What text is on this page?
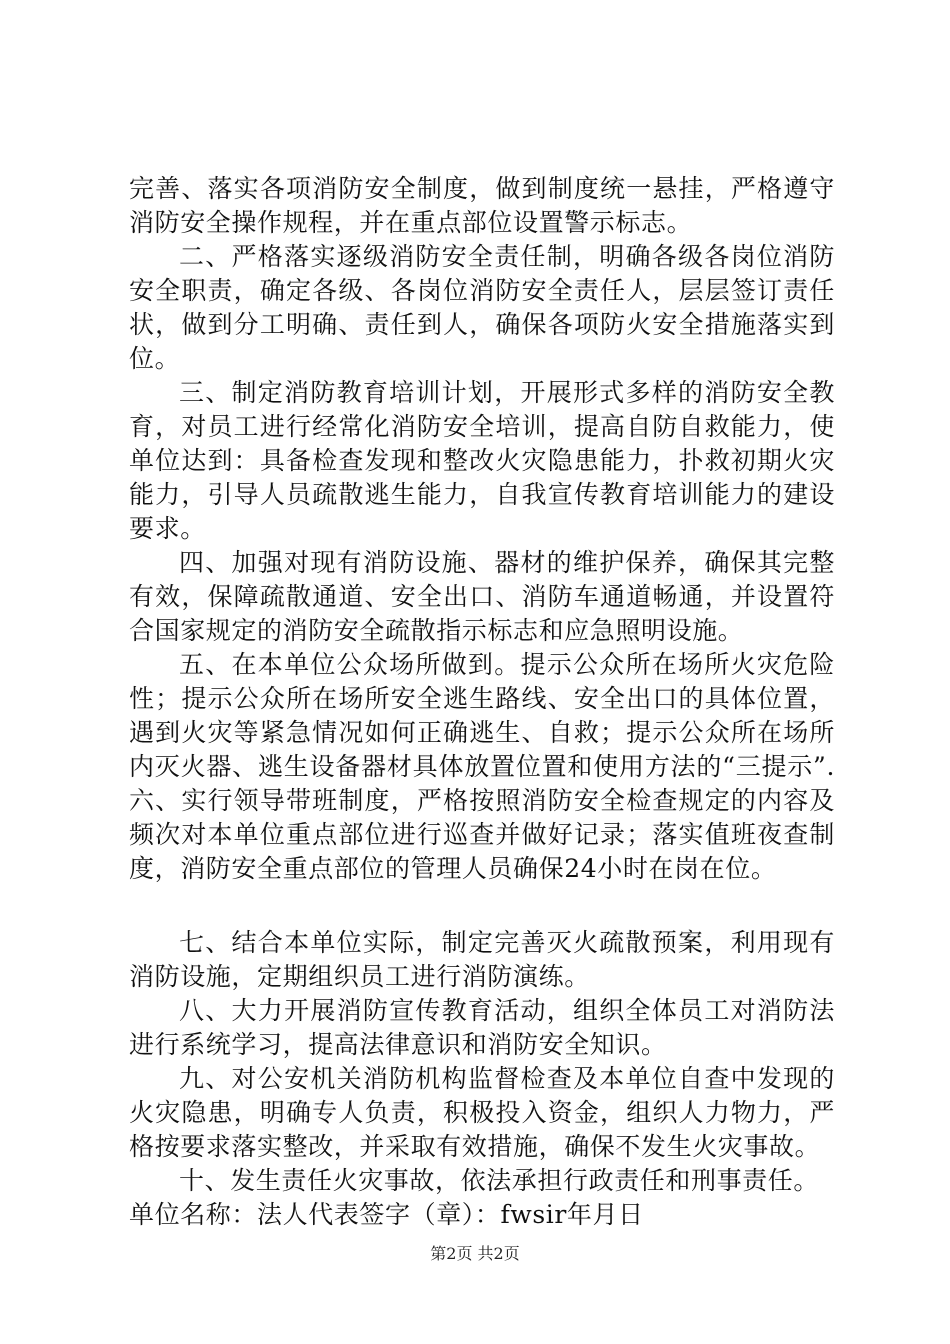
完善、落实各项消防安全制度，做到制度统一悬挂，严格遵守消防安全操作规程，并在重点部位设置警示标志。

二、严格落实逐级消防安全责任制，明确各级各岗位消防安全职责，确定各级、各岗位消防安全责任人，层层签订责任状，做到分工明确、责任到人，确保各项防火安全措施落实到位。

三、制定消防教育培训计划，开展形式多样的消防安全教育，对员工进行经常化消防安全培训，提高自防自救能力，使单位达到：具备检查发现和整改火灾隐患能力，扑救初期火灾能力，引导人员疏散逃生能力，自我宣传教育培训能力的建设要求。

四、加强对现有消防设施、器材的维护保养，确保其完整有效，保障疏散通道、安全出口、消防车通道畅通，并设置符合国家规定的消防安全疏散指示标志和应急照明设施。

五、在本单位公众场所做到。提示公众所在场所火灾危险性；提示公众所在场所安全逃生路线、安全出口的具体位置，遇到火灾等紧急情况如何正确逃生、自救；提示公众所在场所内灭火器、逃生设备器材具体放置位置和使用方法的“三提示”.六、实行领导带班制度，严格按照消防安全检查规定的内容及频次对本单位重点部位进行巡查并做好记录；落实值班夜查制度，消防安全重点部位的管理人员确保24小时在岗在位。

七、结合本单位实际，制定完善灭火疏散预案，利用现有消防设施，定期组织员工进行消防演练。

八、大力开展消防宣传教育活动，组织全体员工对消防法进行系统学习，提高法律意识和消防安全知识。

九、对公安机关消防机构监督检查及本单位自查中发现的火灾隐患，明确专人负责，积极投入资金，组织人力物力，严格按要求落实整改，并采取有效措施，确保不发生火灾事故。

十、发生责任火灾事故，依法承担行政责任和刑事责任。

单位名称：法人代表签字（章）：fwsir年月日

第2页 共2页
